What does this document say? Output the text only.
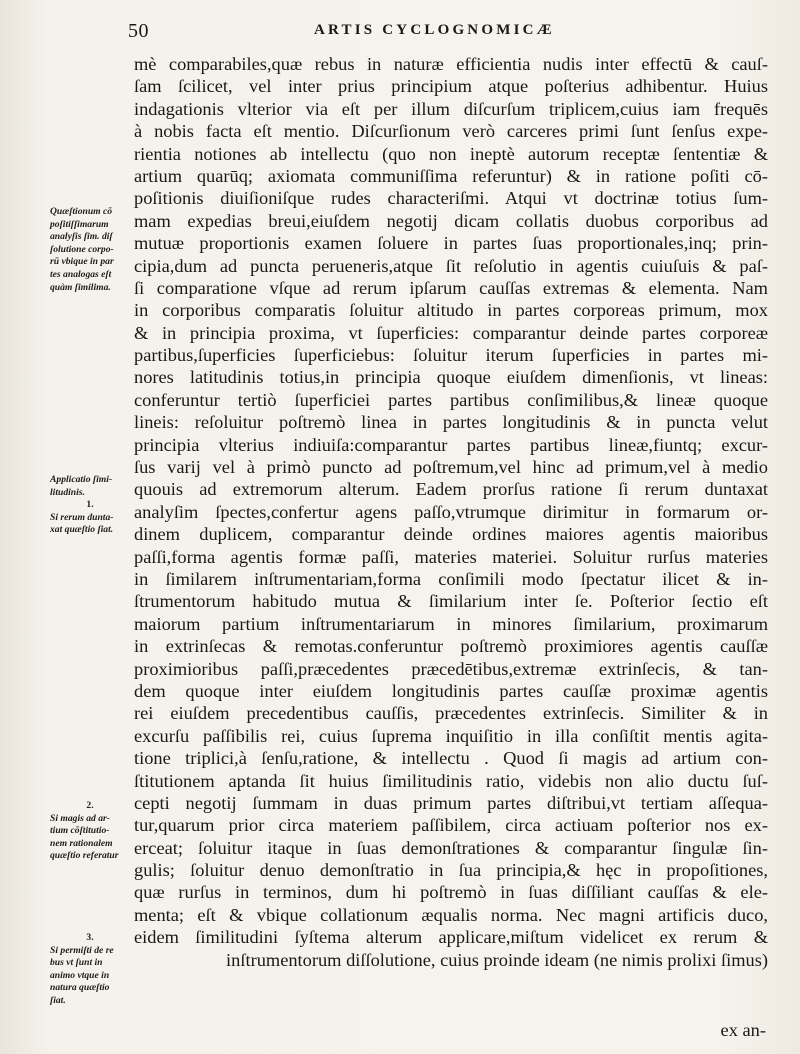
50	ARTIS CYCLOGNOMICÆ
mè comparabiles,quæ rebus in naturæ efficientia nudis inter effectū & cauſ-
ſam ſcilicet, vel inter prius principium atque poſterius adhibentur. Huius
indagationis vlterior via eſt per illum diſcurſum triplicem,cuius iam frequēs
à nobis facta eſt mentio. Diſcurſionum verò carceres primi ſunt ſenſus expe-
rientia notiones ab intellectu (quo non ineptè autorum receptæ ſententiæ &
artium quarūq; axiomata communiſſima referuntur) & in ratione poſiti cō-
poſitionis diuiſioniſque rudes characteriſmi. Atqui vt doctrinæ totius ſum-
mam expedias breui,eiuſdem negotij dicam collatis duobus corporibus ad
mutuæ proportionis examen ſoluere in partes ſuas proportionales,inq; prin-
cipia,dum ad puncta perueneris,atque ſit reſolutio in agentis cuiuſuis & paſ-
ſi comparatione vſque ad rerum ipſarum cauſſas extremas & elementa. Nam
in corporibus comparatis ſoluitur altitudo in partes corporeas primum, mox
& in principia proxima, vt ſuperficies: comparantur deinde partes corporeæ
partibus,ſuperficies ſuperficiebus: ſoluitur iterum ſuperficies in partes mi-
nores latitudinis totius,in principia quoque eiuſdem dimenſionis, vt lineas:
conferuntur tertiò ſuperficiei partes partibus conſimilibus,& lineæ quoque
lineis: reſoluitur poſtremò linea in partes longitudinis & in puncta velut
principia vlterius indiuiſa:comparantur partes partibus lineæ,fiuntq; excur-
ſus varij vel à primò puncto ad poſtremum,vel hinc ad primum,vel à medio
quouis ad extremorum alterum. Eadem prorſus ratione ſi rerum duntaxat
analyſim ſpectes,confertur agens paſſo,vtrumque dirimitur in formarum or-
dinem duplicem, comparantur deinde ordines maiores agentis maioribus
paſſi,forma agentis formæ paſſi, materies materiei. Soluitur rurſus materies
in ſimilarem inſtrumentariam,forma conſimili modo ſpectatur ilicet & in-
ſtrumentorum habitudo mutua & ſimilarium inter ſe. Poſterior ſectio eſt
maiorum partium inſtrumentariarum in minores ſimilarium, proximarum
in extrinſecas & remotas.conferuntur poſtremò proximiores agentis cauſſæ
proximioribus paſſi,præcedentes præcedētibus,extremæ extrinſecis, & tan-
dem quoque inter eiuſdem longitudinis partes cauſſæ proximæ agentis
rei eiuſdem precedentibus cauſſis, præcedentes extrinſecis. Similiter & in
excurſu paſſibilis rei, cuius ſuprema inquiſitio in illa conſiſtit mentis agita-
tione triplici,à ſenſu,ratione, & intellectu . Quod ſi magis ad artium con-
ſtitutionem aptanda ſit huius ſimilitudinis ratio, videbis non alio ductu ſuſ-
cepti negotij ſummam in duas primum partes diſtribui,vt tertiam aſſequa-
tur,quarum prior circa materiem paſſibilem, circa actiuam poſterior nos ex-
erceat; ſoluitur itaque in ſuas demonſtrationes & comparantur ſingulæ ſin-
gulis; ſoluitur denuo demonſtratio in ſua principia,& hęc in propoſitiones,
quæ rurſus in terminos, dum hi poſtremò in ſuas diſſiliant cauſſas & ele-
menta; eſt & vbique collationum æqualis norma. Nec magni artificis duco,
eidem ſimilitudini ſyſtema alterum applicare,miſtum videlicet ex rerum &
inſtrumentorum diſſolutione, cuius proinde ideam (ne nimis prolixi ſimus)
Quæſtionum cō
poſitiſſimarum
analyſis ſim. diſ
ſolutione corpo-
rū vbique in par
tes analogas eſt
quàm ſimilima.
Applicatio ſimi-
litudinis.
1.
Si rerum dunta-
xat quæſtio ſiat.
2.
Si magis ad ar-
tium cōſtitutio-
nem rationalem
quæſtio referatur
3.
Si permiſti de re
bus vt ſunt in
animo vtque in
natura quæſtio
ſiat.
ex an-
